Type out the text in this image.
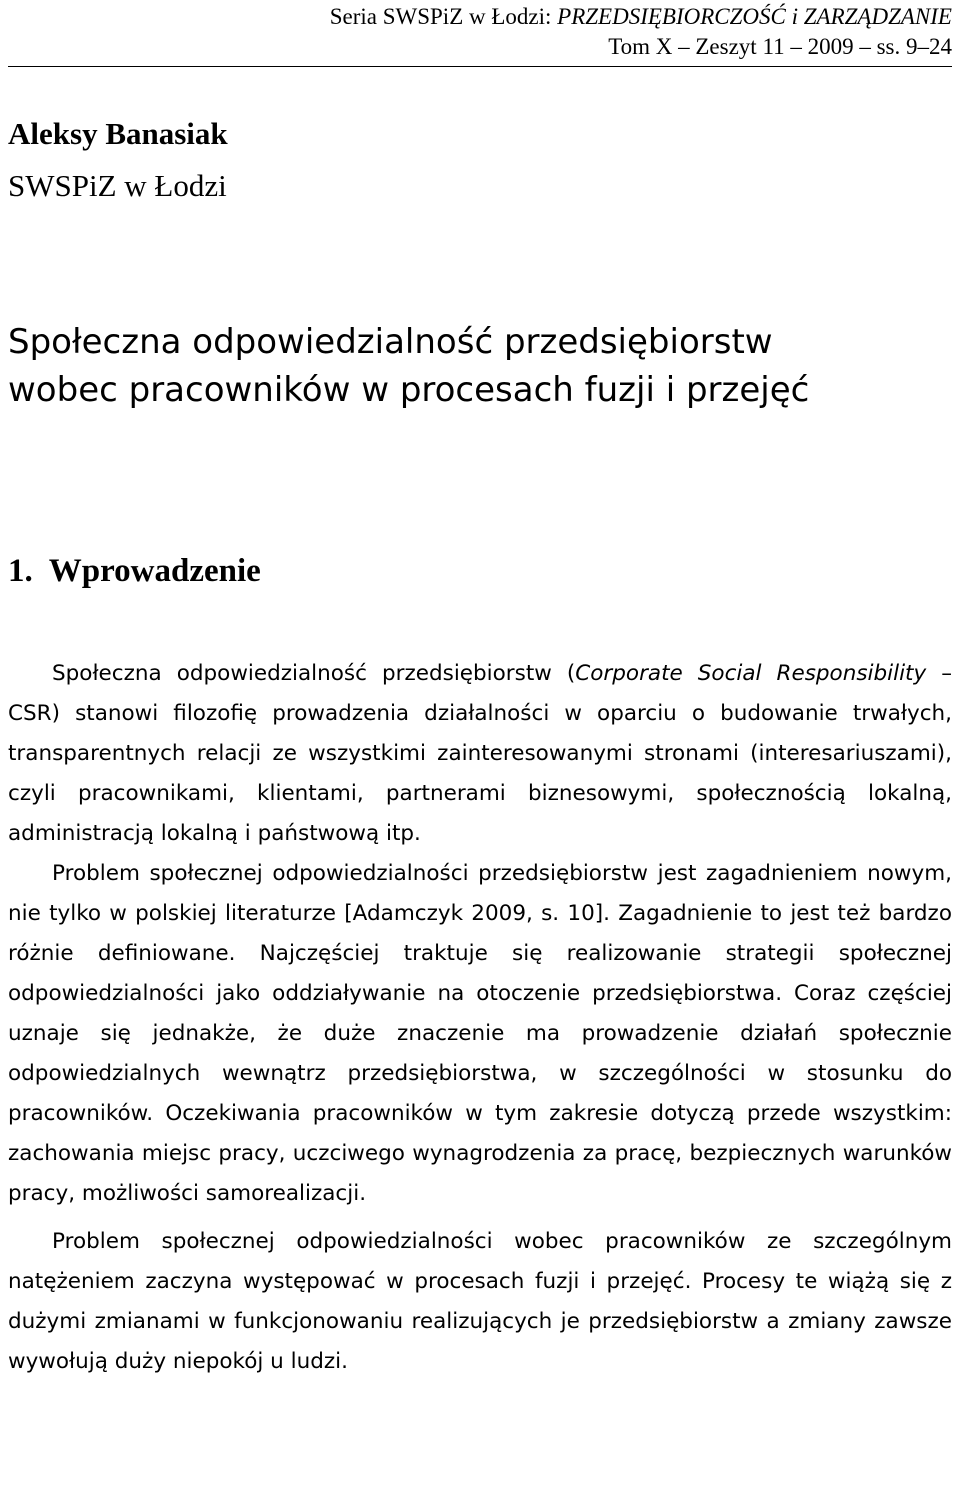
Seria SWSPiZ w Łodzi: PRZEDSIĘBIORCZOŚĆ i ZARZĄDZANIE
Tom X – Zeszyt 11 – 2009 – ss. 9–24
Aleksy Banasiak
SWSPiZ w Łodzi
Społeczna odpowiedzialność przedsiębiorstw
wobec pracowników w procesach fuzji i przejęć
1. Wprowadzenie

Społeczna odpowiedzialność przedsiębiorstw (Corporate Social Responsibility – CSR) stanowi filozofię prowadzenia działalności w oparciu o budowanie trwałych, transparentnych relacji ze wszystkimi zainteresowanymi stronami (interesariuszami), czyli pracownikami, klientami, partnerami biznesowymi, społecznością lokalną, administracją lokalną i państwową itp.

Problem społecznej odpowiedzialności przedsiębiorstw jest zagadnieniem nowym, nie tylko w polskiej literaturze [Adamczyk 2009, s. 10]. Zagadnienie to jest też bardzo różnie definiowane. Najczęściej traktuje się realizowanie strategii społecznej odpowiedzialności jako oddziaływanie na otoczenie przedsiębiorstwa. Coraz częściej uznaje się jednakże, że duże znaczenie ma prowadzenie działań społecznie odpowiedzialnych wewnątrz przedsiębiorstwa, w szczególności w stosunku do pracowników. Oczekiwania pracowników w tym zakresie dotyczą przede wszystkim: zachowania miejsc pracy, uczciwego wynagrodzenia za pracę, bezpiecznych warunków pracy, możliwości samorealizacji.

Problem społecznej odpowiedzialności wobec pracowników ze szczególnym natężeniem zaczyna występować w procesach fuzji i przejęć. Procesy te wiążą się z dużymi zmianami w funkcjonowaniu realizujących je przedsiębiorstw a zmiany zawsze wywołują duży niepokój u ludzi.
